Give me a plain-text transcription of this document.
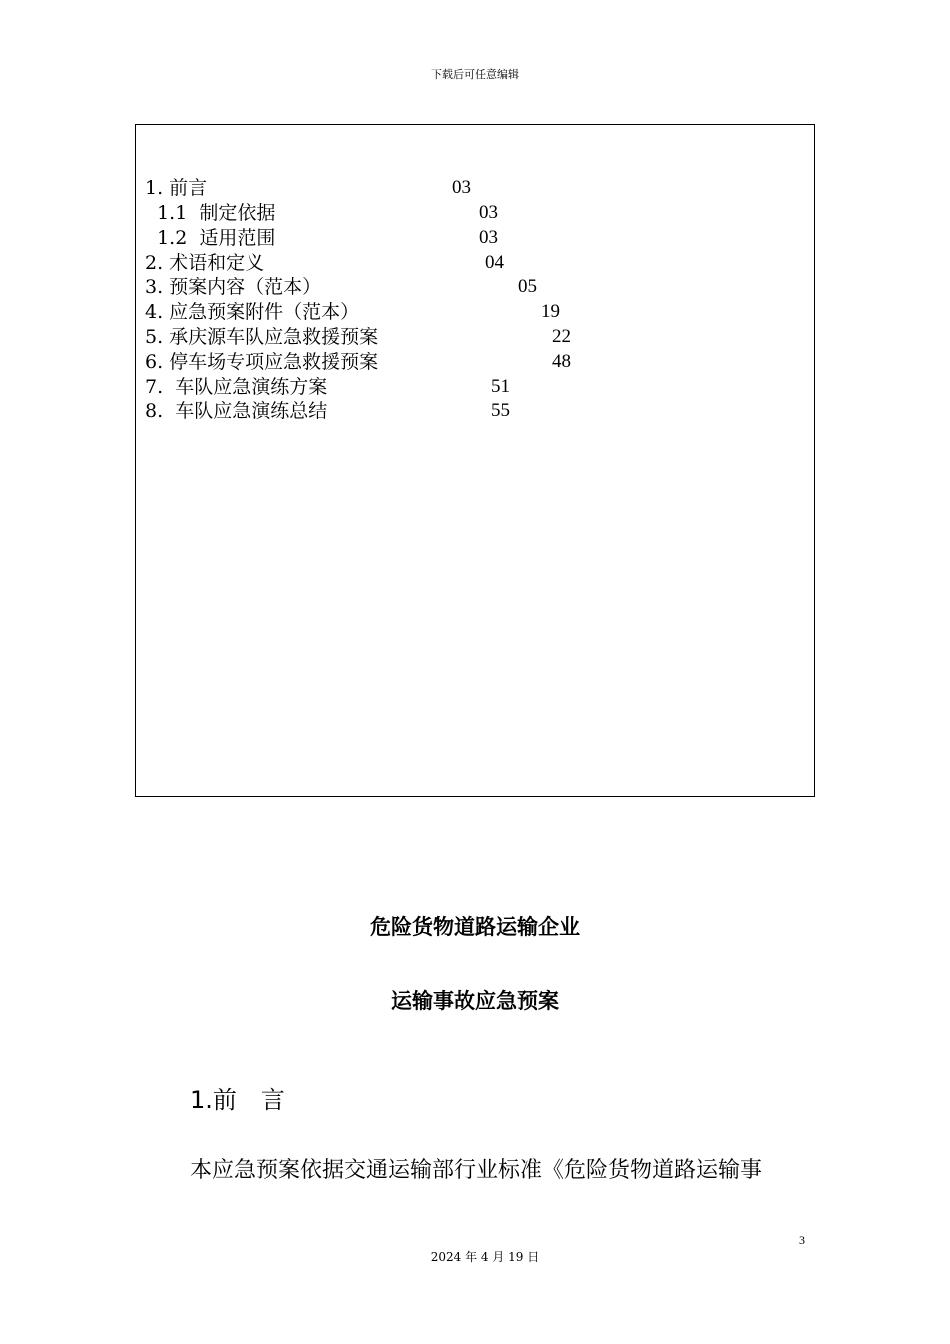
下载后可任意编辑
1. 前言	03
1.1  制定依据	03
1.2  适用范围	03
2. 术语和定义	04
3. 预案内容（范本）	05
4. 应急预案附件（范本）	19
5. 承庆源车队应急救援预案	22
6. 停车场专项应急救援预案	48
7.  车队应急演练方案	51
8.  车队应急演练总结	55
危险货物道路运输企业
运输事故应急预案
1.前　言
本应急预案依据交通运输部行业标准《危险货物道路运输事
3
2024 年 4 月 19 日
